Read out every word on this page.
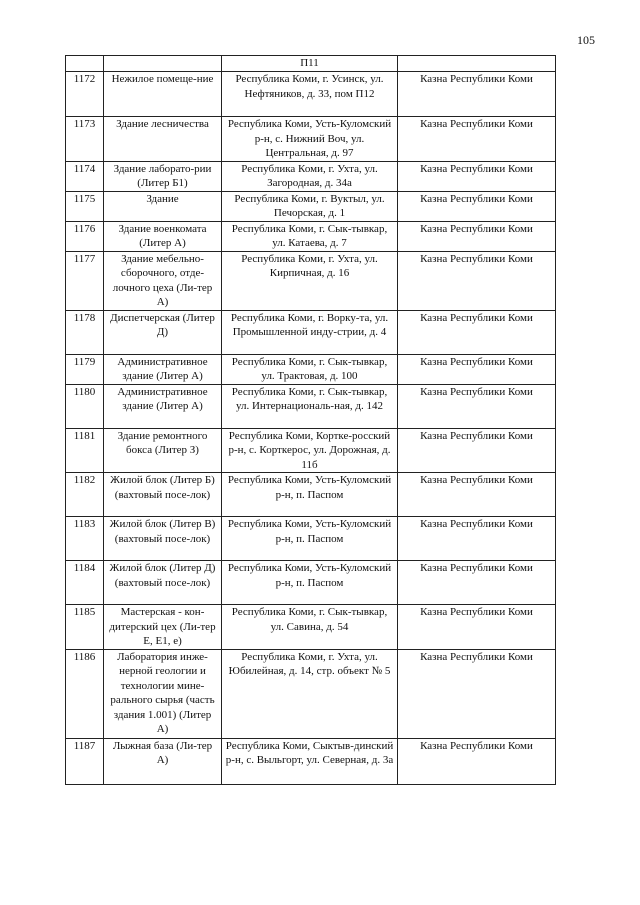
105
		П11	
1172	Нежилое помеще-ние	Республика Коми, г. Усинск, ул. Нефтяников, д. 33, пом П12	Казна Республики Коми
1173	Здание лесничества	Республика Коми, Усть-Куломский р-н, с. Нижний Воч, ул. Центральная, д. 97	Казна Республики Коми
1174	Здание лаборато-рии (Литер Б1)	Республика Коми, г. Ухта, ул. Загородная, д. 34а	Казна Республики Коми
1175	Здание	Республика Коми, г. Вуктыл, ул. Печорская, д. 1	Казна Республики Коми
1176	Здание военкомата (Литер А)	Республика Коми, г. Сык-тывкар, ул. Катаева, д. 7	Казна Республики Коми
1177	Здание мебельно-сборочного, отде-лочного цеха (Ли-тер А)	Республика Коми, г. Ухта, ул. Кирпичная, д. 16	Казна Республики Коми
1178	Диспетчерская (Литер Д)	Республика Коми, г. Ворку-та, ул. Промышленной инду-стрии, д. 4	Казна Республики Коми
1179	Административное здание (Литер А)	Республика Коми, г. Сык-тывкар, ул. Трактовая, д. 100	Казна Республики Коми
1180	Административное здание (Литер А)	Республика Коми, г. Сык-тывкар, ул. Интернациональ-ная, д. 142	Казна Республики Коми
1181	Здание ремонтного бокса (Литер З)	Республика Коми, Кортке-росский р-н, с. Корткерос, ул. Дорожная, д. 11б	Казна Республики Коми
1182	Жилой блок (Литер Б) (вахтовый посе-лок)	Республика Коми, Усть-Куломский р-н, п. Паспом	Казна Республики Коми
1183	Жилой блок (Литер В) (вахтовый посе-лок)	Республика Коми, Усть-Куломский р-н, п. Паспом	Казна Республики Коми
1184	Жилой блок (Литер Д) (вахтовый посе-лок)	Республика Коми, Усть-Куломский р-н, п. Паспом	Казна Республики Коми
1185	Мастерская - кон-дитерский цех (Ли-тер Е, Е1, е)	Республика Коми, г. Сык-тывкар, ул. Савина, д. 54	Казна Республики Коми
1186	Лаборатория инже-нерной геологии и технологии мине-рального сырья (часть здания 1.001) (Литер А)	Республика Коми, г. Ухта, ул. Юбилейная, д. 14, стр. объект № 5	Казна Республики Коми
1187	Лыжная база (Ли-тер А)	Республика Коми, Сыктыв-динский р-н, с. Выльгорт, ул. Северная, д. 3а	Казна Республики Коми
